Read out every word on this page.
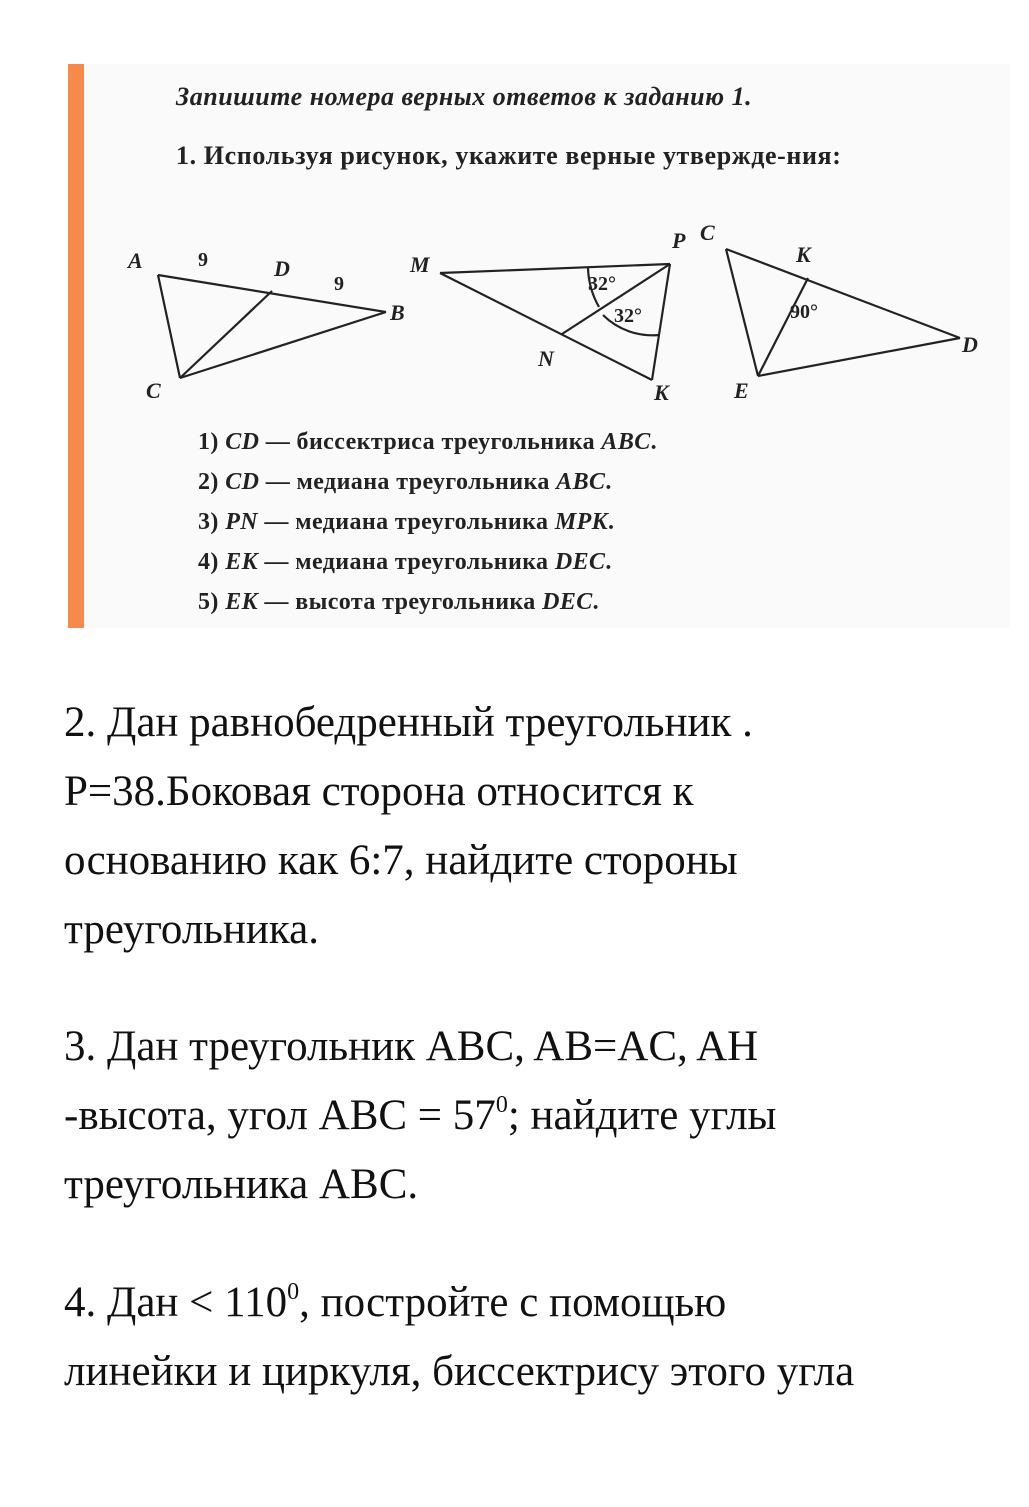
Запишите номера верных ответов к заданию 1.
1. Используя рисунок, укажите верные утвержде-ния:
A	9	D
9
B
C
M
P
32°
32°
N
K
C
K
90°
D
E
1) CD — биссектриса треугольника ABC.
2) CD — медиана треугольника ABC.
3) PN — медиана треугольника MPK.
4) EK — медиана треугольника DEC.
5) EK — высота треугольника DEC.
2. Дан равнобедренный треугольник .
P=38.Боковая сторона относится к
основанию как 6:7, найдите стороны
треугольника.
3. Дан треугольник ABC, AB=AC, AH
-высота, угол ABC = $57^0$; найдите углы
треугольника ABC.
4. Дан < $110^0$, постройте с помощью
линейки и циркуля, биссектрису этого угла
